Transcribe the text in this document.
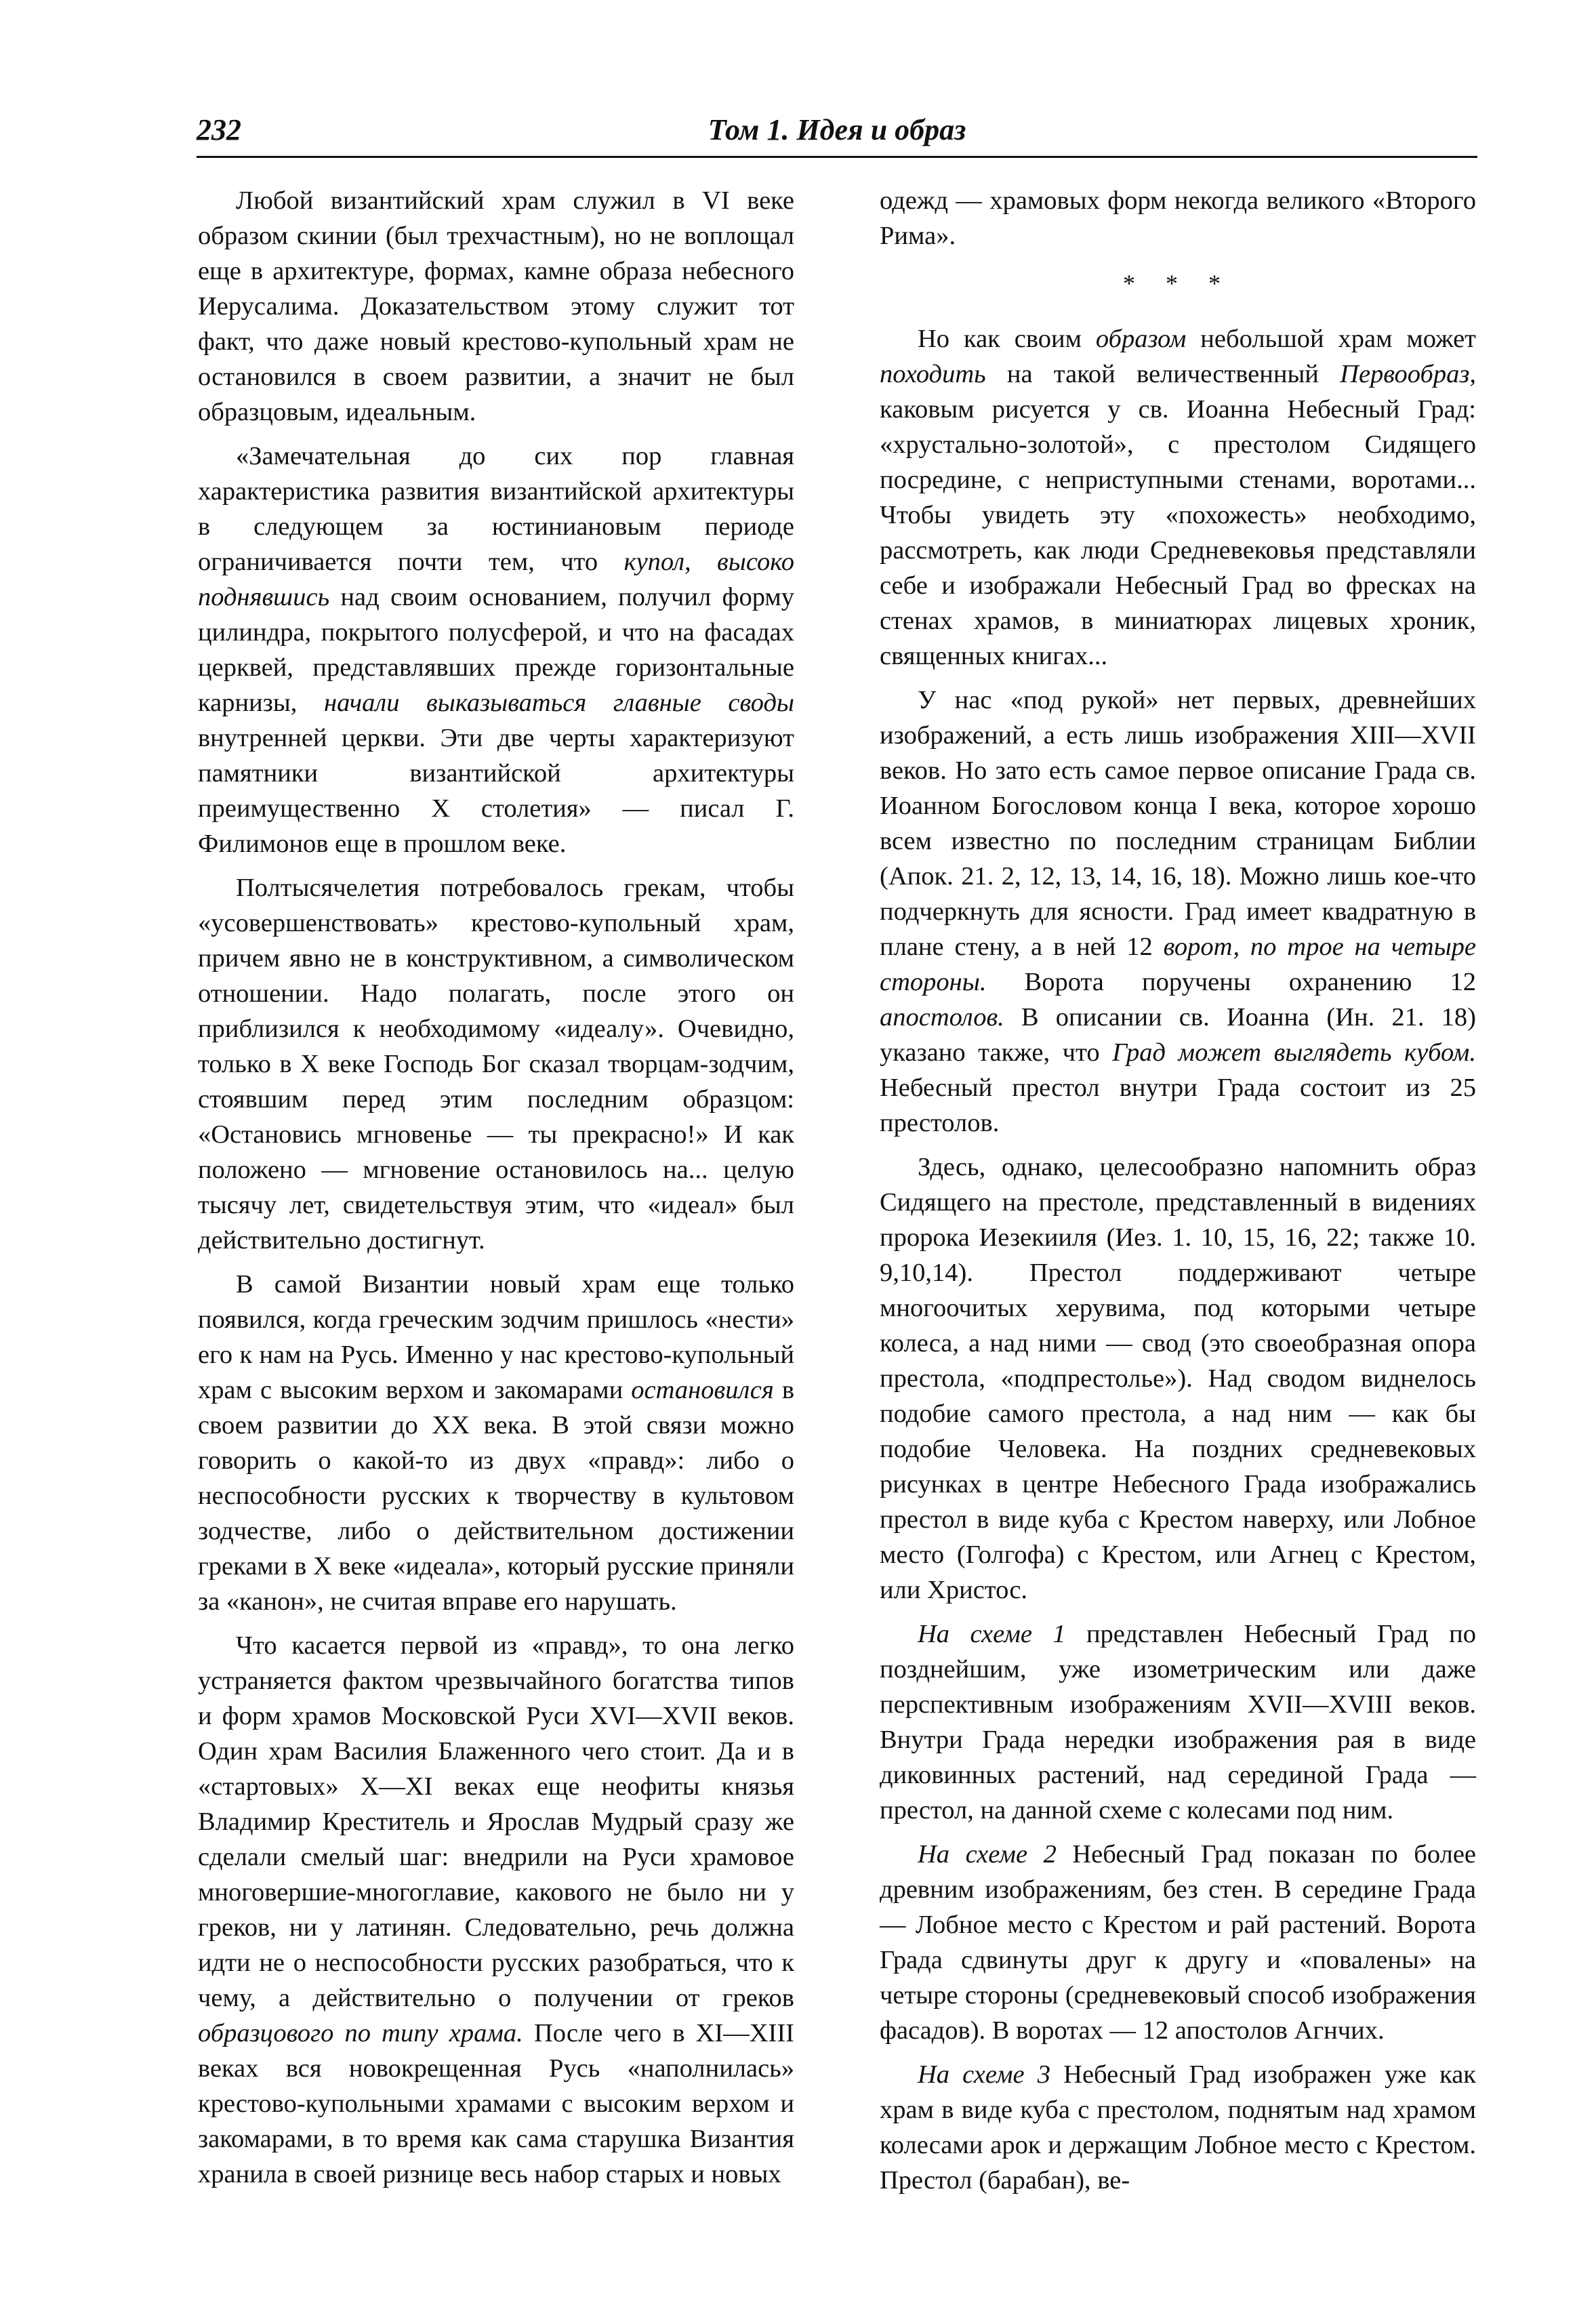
232	Том 1. Идея и образ

Любой византийский храм служил в VI веке образом скинии (был трехчастным), но не воплощал еще в архитектуре, формах, камне образа небесного Иерусалима. Доказательством этому служит тот факт, что даже новый крестово-купольный храм не остановился в своем развитии, а значит не был образцовым, идеальным.

«Замечательная до сих пор главная характеристика развития византийской архитектуры в следующем за юстиниановым периоде ограничивается почти тем, что купол, высоко поднявшись над своим основанием, получил форму цилиндра, покрытого полусферой, и что на фасадах церквей, представлявших прежде горизонтальные карнизы, начали выказываться главные своды внутренней церкви. Эти две черты характеризуют памятники византийской архитектуры преимущественно X столетия» — писал Г. Филимонов еще в прошлом веке.

Полтысячелетия потребовалось грекам, чтобы «усовершенствовать» крестово-купольный храм, причем явно не в конструктивном, а символическом отношении. Надо полагать, после этого он приблизился к необходимому «идеалу». Очевидно, только в X веке Господь Бог сказал творцам-зодчим, стоявшим перед этим последним образцом: «Остановись мгновенье — ты прекрасно!» И как положено — мгновение остановилось на... целую тысячу лет, свидетельствуя этим, что «идеал» был действительно достигнут.

В самой Византии новый храм еще только появился, когда греческим зодчим пришлось «нести» его к нам на Русь. Именно у нас крестово-купольный храм с высоким верхом и закомарами остановился в своем развитии до XX века. В этой связи можно говорить о какой-то из двух «правд»: либо о неспособности русских к творчеству в культовом зодчестве, либо о действительном достижении греками в X веке «идеала», который русские приняли за «канон», не считая вправе его нарушать.

Что касается первой из «правд», то она легко устраняется фактом чрезвычайного богатства типов и форм храмов Московской Руси XVI—XVII веков. Один храм Василия Блаженного чего стоит. Да и в «стартовых» X—XI веках еще неофиты князья Владимир Креститель и Ярослав Мудрый сразу же сделали смелый шаг: внедрили на Руси храмовое многовершие-многоглавие, какового не было ни у греков, ни у латинян. Следовательно, речь должна идти не о неспособности русских разобраться, что к чему, а действительно о получении от греков образцового по типу храма. После чего в XI—XIII веках вся новокрещенная Русь «наполнилась» крестово-купольными храмами с высоким верхом и закомарами, в то время как сама старушка Византия хранила в своей ризнице весь набор старых и новых

одежд — храмовых форм некогда великого «Второго Рима».

* * *

Но как своим образом небольшой храм может походить на такой величественный Первообраз, каковым рисуется у св. Иоанна Небесный Град: «хрустально-золотой», с престолом Сидящего посредине, с неприступными стенами, воротами... Чтобы увидеть эту «похожесть» необходимо, рассмотреть, как люди Средневековья представляли себе и изображали Небесный Град во фресках на стенах храмов, в миниатюрах лицевых хроник, священных книгах...

У нас «под рукой» нет первых, древнейших изображений, а есть лишь изображения XIII—XVII веков. Но зато есть самое первое описание Града св. Иоанном Богословом конца I века, которое хорошо всем известно по последним страницам Библии (Апок. 21. 2, 12, 13, 14, 16, 18). Можно лишь кое-что подчеркнуть для ясности. Град имеет квадратную в плане стену, а в ней 12 ворот, по трое на четыре стороны. Ворота поручены охранению 12 апостолов. В описании св. Иоанна (Ин. 21. 18) указано также, что Град может выглядеть кубом. Небесный престол внутри Града состоит из 25 престолов.

Здесь, однако, целесообразно напомнить образ Сидящего на престоле, представленный в видениях пророка Иезекииля (Иез. 1. 10, 15, 16, 22; также 10. 9,10,14). Престол поддерживают четыре многоочитых херувима, под которыми четыре колеса, а над ними — свод (это своеобразная опора престола, «подпрестолье»). Над сводом виднелось подобие самого престола, а над ним — как бы подобие Человека. На поздних средневековых рисунках в центре Небесного Града изображались престол в виде куба с Крестом наверху, или Лобное место (Голгофа) с Крестом, или Агнец с Крестом, или Христос.

На схеме 1 представлен Небесный Град по позднейшим, уже изометрическим или даже перспективным изображениям XVII—XVIII веков. Внутри Града нередки изображения рая в виде диковинных растений, над серединой Града — престол, на данной схеме с колесами под ним.

На схеме 2 Небесный Град показан по более древним изображениям, без стен. В середине Града — Лобное место с Крестом и рай растений. Ворота Града сдвинуты друг к другу и «повалены» на четыре стороны (средневековый способ изображения фасадов). В воротах — 12 апостолов Агнчих.

На схеме 3 Небесный Град изображен уже как храм в виде куба с престолом, поднятым над храмом колесами арок и держащим Лобное место с Крестом. Престол (барабан), ве-
